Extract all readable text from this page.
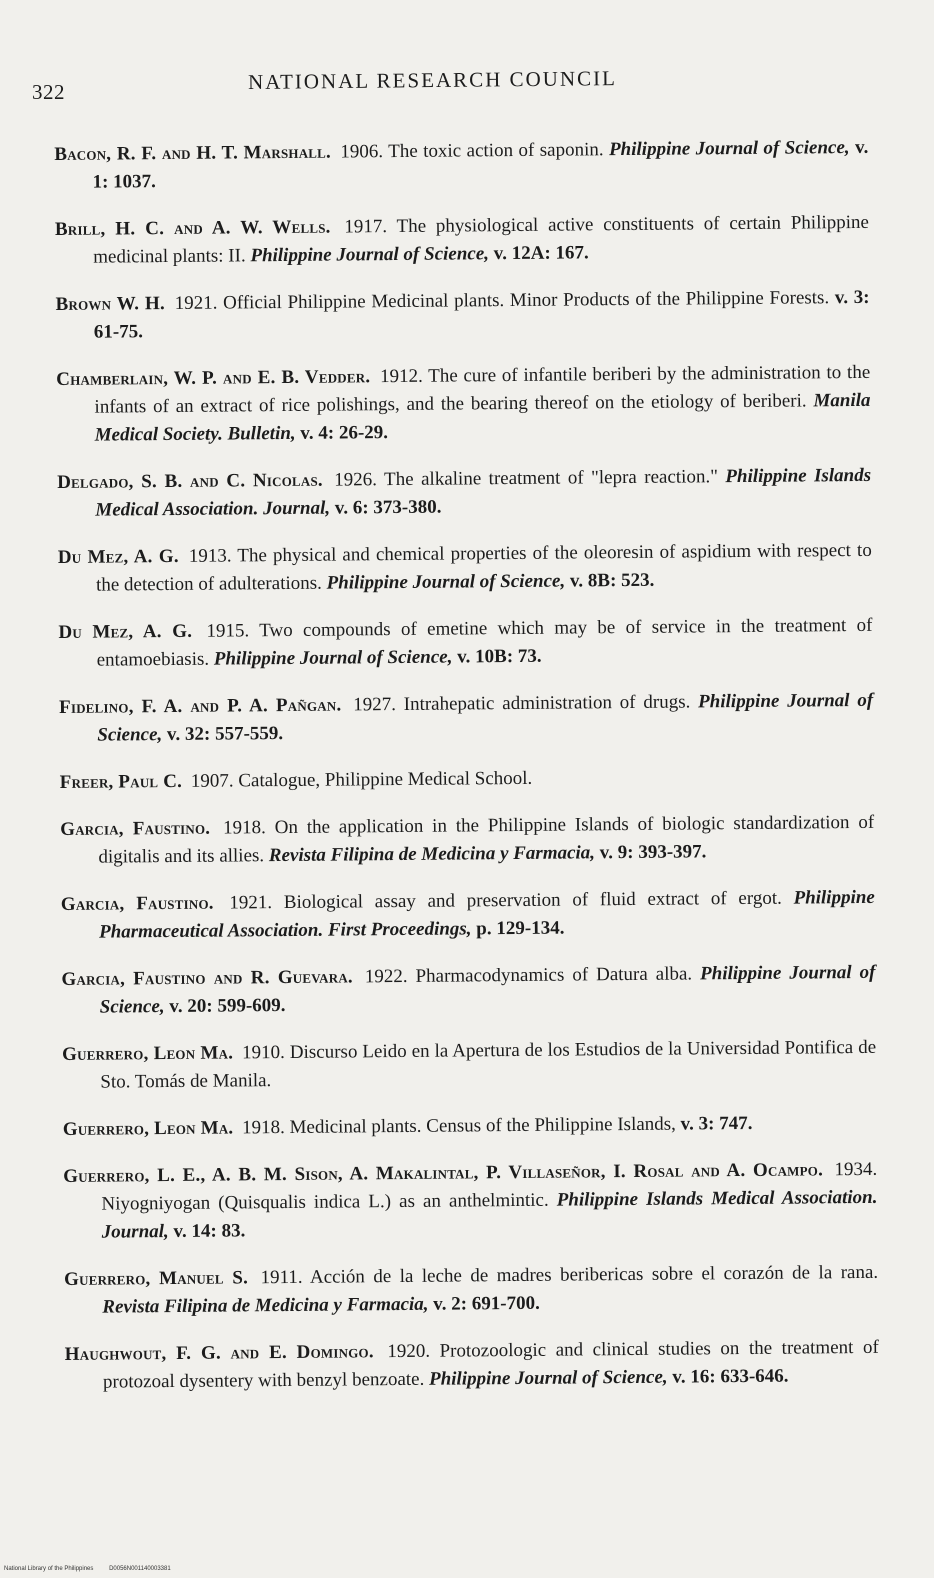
322	NATIONAL RESEARCH COUNCIL

Bacon, R. F. and H. T. Marshall. 1906. The toxic action of saponin. Philippine Journal of Science, v. 1: 1037.

Brill, H. C. and A. W. Wells. 1917. The physiological active constituents of certain Philippine medicinal plants: II. Philippine Journal of Science, v. 12A: 167.

Brown W. H. 1921. Official Philippine Medicinal plants. Minor Products of the Philippine Forests. v. 3: 61-75.

Chamberlain, W. P. and E. B. Vedder. 1912. The cure of infantile beriberi by the administration to the infants of an extract of rice polishings, and the bearing thereof on the etiology of beriberi. Manila Medical Society. Bulletin, v. 4: 26-29.

Delgado, S. B. and C. Nicolas. 1926. The alkaline treatment of "lepra reaction." Philippine Islands Medical Association. Journal, v. 6: 373-380.

Du Mez, A. G. 1913. The physical and chemical properties of the oleoresin of aspidium with respect to the detection of adulterations. Philippine Journal of Science, v. 8B: 523.

Du Mez, A. G. 1915. Two compounds of emetine which may be of service in the treatment of entamoebiasis. Philippine Journal of Science, v. 10B: 73.

Fidelino, F. A. and P. A. Pañgan. 1927. Intrahepatic administration of drugs. Philippine Journal of Science, v. 32: 557-559.

Freer, Paul C. 1907. Catalogue, Philippine Medical School.

Garcia, Faustino. 1918. On the application in the Philippine Islands of biologic standardization of digitalis and its allies. Revista Filipina de Medicina y Farmacia, v. 9: 393-397.

Garcia, Faustino. 1921. Biological assay and preservation of fluid extract of ergot. Philippine Pharmaceutical Association. First Proceedings, p. 129-134.

Garcia, Faustino and R. Guevara. 1922. Pharmacodynamics of Datura alba. Philippine Journal of Science, v. 20: 599-609.

Guerrero, Leon Ma. 1910. Discurso Leido en la Apertura de los Estudios de la Universidad Pontifica de Sto. Tomás de Manila.

Guerrero, Leon Ma. 1918. Medicinal plants. Census of the Philippine Islands, v. 3: 747.

Guerrero, L. E., A. B. M. Sison, A. Makalintal, P. Villaseñor, I. Rosal and A. Ocampo. 1934. Niyogniyogan (Quisqualis indica L.) as an anthelmintic. Philippine Islands Medical Association. Journal, v. 14: 83.

Guerrero, Manuel S. 1911. Acción de la leche de madres beribericas sobre el corazón de la rana. Revista Filipina de Medicina y Farmacia, v. 2: 691-700.

Haughwout, F. G. and E. Domingo. 1920. Protozoologic and clinical studies on the treatment of protozoal dysentery with benzyl benzoate. Philippine Journal of Science, v. 16: 633-646.

National Library of the Philippines	D0056N001140003381
